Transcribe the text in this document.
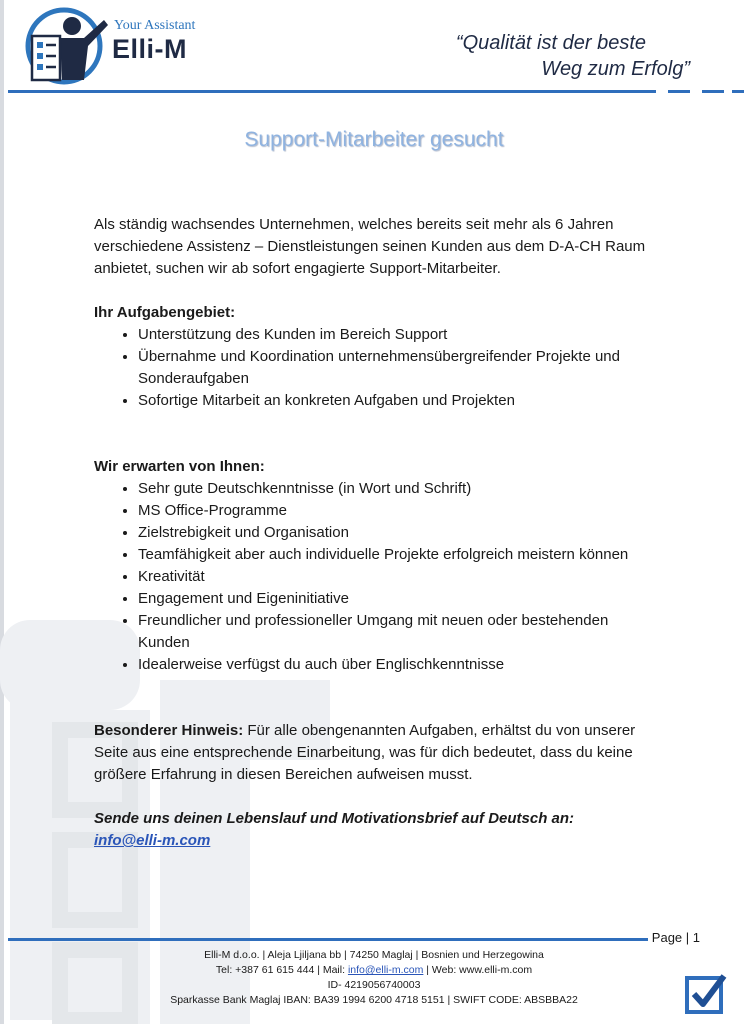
Your Assistant
Elli-M	“Qualität ist der beste
Weg zum Erfolg”
Support-Mitarbeiter gesucht

Als ständig wachsendes Unternehmen, welches bereits seit mehr als 6 Jahren verschiedene Assistenz – Dienstleistungen seinen Kunden aus dem D-A-CH Raum anbietet, suchen wir ab sofort engagierte Support-Mitarbeiter.

Ihr Aufgabengebiet:

• Unterstützung des Kunden im Bereich Support
• Übernahme und Koordination unternehmensübergreifender Projekte und Sonderaufgaben
• Sofortige Mitarbeit an konkreten Aufgaben und Projekten

Wir erwarten von Ihnen:

• Sehr gute Deutschkenntnisse (in Wort und Schrift)
• MS Office-Programme
• Zielstrebigkeit und Organisation
• Teamfähigkeit aber auch individuelle Projekte erfolgreich meistern können
• Kreativität
• Engagement und Eigeninitiative
• Freundlicher und professioneller Umgang mit neuen oder bestehenden Kunden
• Idealerweise verfügst du auch über Englischkenntnisse

Besonderer Hinweis: Für alle obengenannten Aufgaben, erhältst du von unserer Seite aus eine entsprechende Einarbeitung, was für dich bedeutet, dass du keine größere Erfahrung in diesen Bereichen aufweisen musst.

Sende uns deinen Lebenslauf und Motivationsbrief auf Deutsch an:

info@elli-m.com

Page | 1
Elli-M d.o.o. | Aleja Ljiljana bb | 74250 Maglaj | Bosnien und Herzegowina
Tel: +387 61 615 444 | Mail: info@elli-m.com | Web: www.elli-m.com
ID- 4219056740003
Sparkasse Bank Maglaj IBAN: BA39 1994 6200 4718 5151 | SWIFT CODE: ABSBBA22
